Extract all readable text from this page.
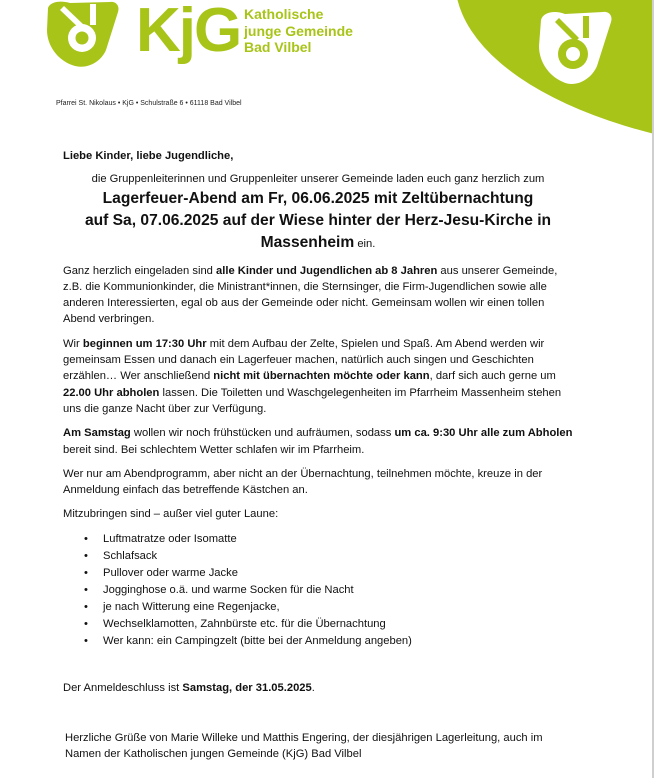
KjG Katholische
junge Gemeinde
Bad Vilbel
Pfarrei St. Nikolaus • KjG • Schulstraße 6 • 61118 Bad Vilbel

Liebe Kinder, liebe Jugendliche,

die Gruppenleiterinnen und Gruppenleiter unserer Gemeinde laden euch ganz herzlich zum

Lagerfeuer-Abend am Fr, 06.06.2025 mit Zeltübernachtung
auf Sa, 07.06.2025 auf der Wiese hinter der Herz-Jesu-Kirche in
Massenheim ein.

Ganz herzlich eingeladen sind alle Kinder und Jugendlichen ab 8 Jahren aus unserer Gemeinde, z.B. die Kommunionkinder, die Ministrant*innen, die Sternsinger, die Firm-Jugendlichen sowie alle anderen Interessierten, egal ob aus der Gemeinde oder nicht. Gemeinsam wollen wir einen tollen Abend verbringen.

Wir beginnen um 17:30 Uhr mit dem Aufbau der Zelte, Spielen und Spaß. Am Abend werden wir gemeinsam Essen und danach ein Lagerfeuer machen, natürlich auch singen und Geschichten erzählen… Wer anschließend nicht mit übernachten möchte oder kann, darf sich auch gerne um 22.00 Uhr abholen lassen. Die Toiletten und Waschgelegenheiten im Pfarrheim Massenheim stehen uns die ganze Nacht über zur Verfügung.

Am Samstag wollen wir noch frühstücken und aufräumen, sodass um ca. 9:30 Uhr alle zum Abholen bereit sind. Bei schlechtem Wetter schlafen wir im Pfarrheim.

Wer nur am Abendprogramm, aber nicht an der Übernachtung, teilnehmen möchte, kreuze in der Anmeldung einfach das betreffende Kästchen an.

Mitzubringen sind – außer viel guter Laune:

• Luftmatratze oder Isomatte
• Schlafsack
• Pullover oder warme Jacke
• Jogginghose o.ä. und warme Socken für die Nacht
• je nach Witterung eine Regenjacke,
• Wechselklamotten, Zahnbürste etc. für die Übernachtung
• Wer kann: ein Campingzelt (bitte bei der Anmeldung angeben)

Der Anmeldeschluss ist Samstag, der 31.05.2025.

Herzliche Grüße von Marie Willeke und Matthis Engering, der diesjährigen Lagerleitung, auch im Namen der Katholischen jungen Gemeinde (KjG) Bad Vilbel
